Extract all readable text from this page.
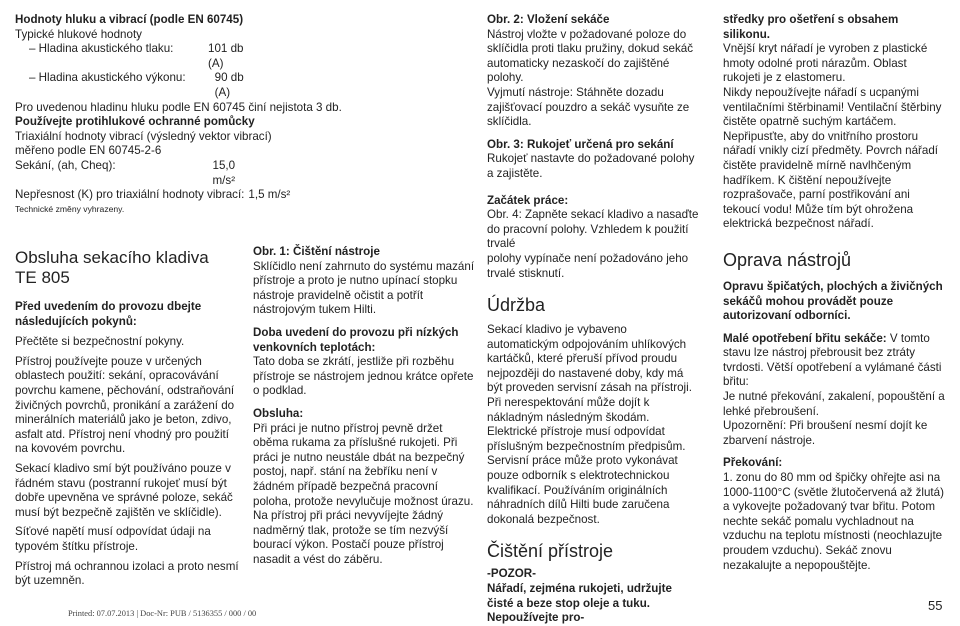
Hodnoty hluku a vibrací (podle EN 60745)

Typické hlukové hodnoty

– Hladina akustického tlaku:	101 db (A)
– Hladina akustického výkonu:	90 db (A)

Pro uvedenou hladinu hluku podle EN 60745 činí nejistota 3 db.

Používejte protihlukové ochranné pomůcky

Triaxiální hodnoty vibrací (výsledný vektor vibrací)

měřeno podle EN 60745-2-6

Sekání, (ah, Cheq):	15,0 m/s²
Nepřesnost (K) pro triaxiální hodnoty vibrací: 1,5 m/s²

Technické změny vyhrazeny.

Obsluha sekacího kladiva

TE 805

Před uvedením do provozu dbejte následujících pokynů:

Přečtěte si bezpečnostní pokyny.

Přístroj používejte pouze v určených oblastech použití: sekání, opracovávání povrchu kamene, pěchování, odstraňování živičných povrchů, pronikání a zarážení do minerálních materiálů jako je beton, zdivo, asfalt atd. Přístroj není vhodný pro použití na kovovém povrchu.

Sekací kladivo smí být používáno pouze v řádném stavu (postranní rukojeť musí být dobře upevněna ve správné poloze, sekáč musí být bezpečně zajištěn ve sklíčidle).

Síťové napětí musí odpovídat údaji na typovém štítku přístroje.

Přístroj má ochrannou izolaci a proto nesmí být uzemněn.

Printed: 07.07.2013 | Doc-Nr: PUB / 5136355 / 000 / 00

Obr. 1: Čištění nástroje

Sklíčidlo není zahrnuto do systému mazání přístroje a proto je nutno upínací stopku nástroje pravidelně očistit a potřít nástrojovým tukem Hilti.

Doba uvedení do provozu při nízkých venkovních teplotách:

Tato doba se zkrátí, jestliže při rozběhu přístroje se nástrojem jednou krátce opřete o podklad.

Obsluha:

Při práci je nutno přístroj pevně držet oběma rukama za příslušné rukojeti. Při práci je nutno neustále dbát na bezpečný postoj, např. stání na žebříku není v žádném případě bezpečná pracovní poloha, protože nevylučuje možnost úrazu.

Na přístroj při práci nevyvíjejte žádný nadměrný tlak, protože se tím nezvýší bourací výkon. Postačí pouze přístroj nasadit a vést do záběru.

Obr. 2: Vložení sekáče

Nástroj vložte v požadované poloze do sklíčidla proti tlaku pružiny, dokud sekáč automaticky nezaskočí do zajištěné polohy.

Vyjmutí nástroje: Stáhněte dozadu zajišťovací pouzdro a sekáč vysuňte ze sklíčidla.

Obr. 3: Rukojeť určená pro sekání

Rukojeť nastavte do požadované polohy a zajistěte.

Začátek práce:

Obr. 4: Zapněte sekací kladivo a nasaďte do pracovní polohy. Vzhledem k použití trvalé

polohy vypínače není požadováno jeho trvalé stisknutí.

Údržba

Sekací kladivo je vybaveno automatickým odpojováním uhlíkových kartáčků, které přeruší přívod proudu nejpozději do nastavené doby, kdy má být proveden servisní zásah na přístroji. Při nerespektování může dojít k nákladným následným škodám.

Elektrické přístroje musí odpovídat příslušným bezpečnostním předpisům. Servisní práce může proto vykonávat pouze odborník s elektrotechnickou kvalifikací. Používáním originálních náhradních dílů Hilti bude zaručena dokonalá bezpečnost.

Čištění přístroje

-POZOR-

Nářadí, zejména rukojeti, udržujte čisté a beze stop oleje a tuku. Nepoužívejte pro-

středky pro ošetření s obsahem silikonu.

Vnější kryt nářadí je vyroben z plastické hmoty odolné proti nárazům. Oblast rukojeti je z elastomeru.

Nikdy nepoužívejte nářadí s ucpanými ventilačními štěrbinami! Ventilační štěrbiny čistěte opatrně suchým kartáčem. Nepřipusťte, aby do vnitřního prostoru nářadí vnikly cizí předměty. Povrch nářadí čistěte pravidelně mírně navlhčeným hadříkem. K čištění nepoužívejte rozprašovače, parní postřikování ani tekoucí vodu! Může tím být ohrožena elektrická bezpečnost nářadí.

Oprava nástrojů

Opravu špičatých, plochých a živičných sekáčů mohou provádět pouze autorizovaní odborníci.

Malé opotřebení břitu sekáče: V tomto stavu lze nástroj přebrousit bez ztráty tvrdosti. Větší opotřebení a vylámané části břitu:

Je nutné překování, zakalení, popouštění a lehké přebroušení.

Upozornění: Při broušení nesmí dojít ke zbarvení nástroje.

Překování:

1. zonu do 80 mm od špičky ohřejte asi na 1000-1100°C (světle žlutočervená až žlutá) a vykovejte požadovaný tvar břitu. Potom nechte sekáč pomalu vychladnout na vzduchu na teplotu místnosti (neochlazujte proudem vzduchu). Sekáč znovu nezakalujte a nepopouštějte.

55
